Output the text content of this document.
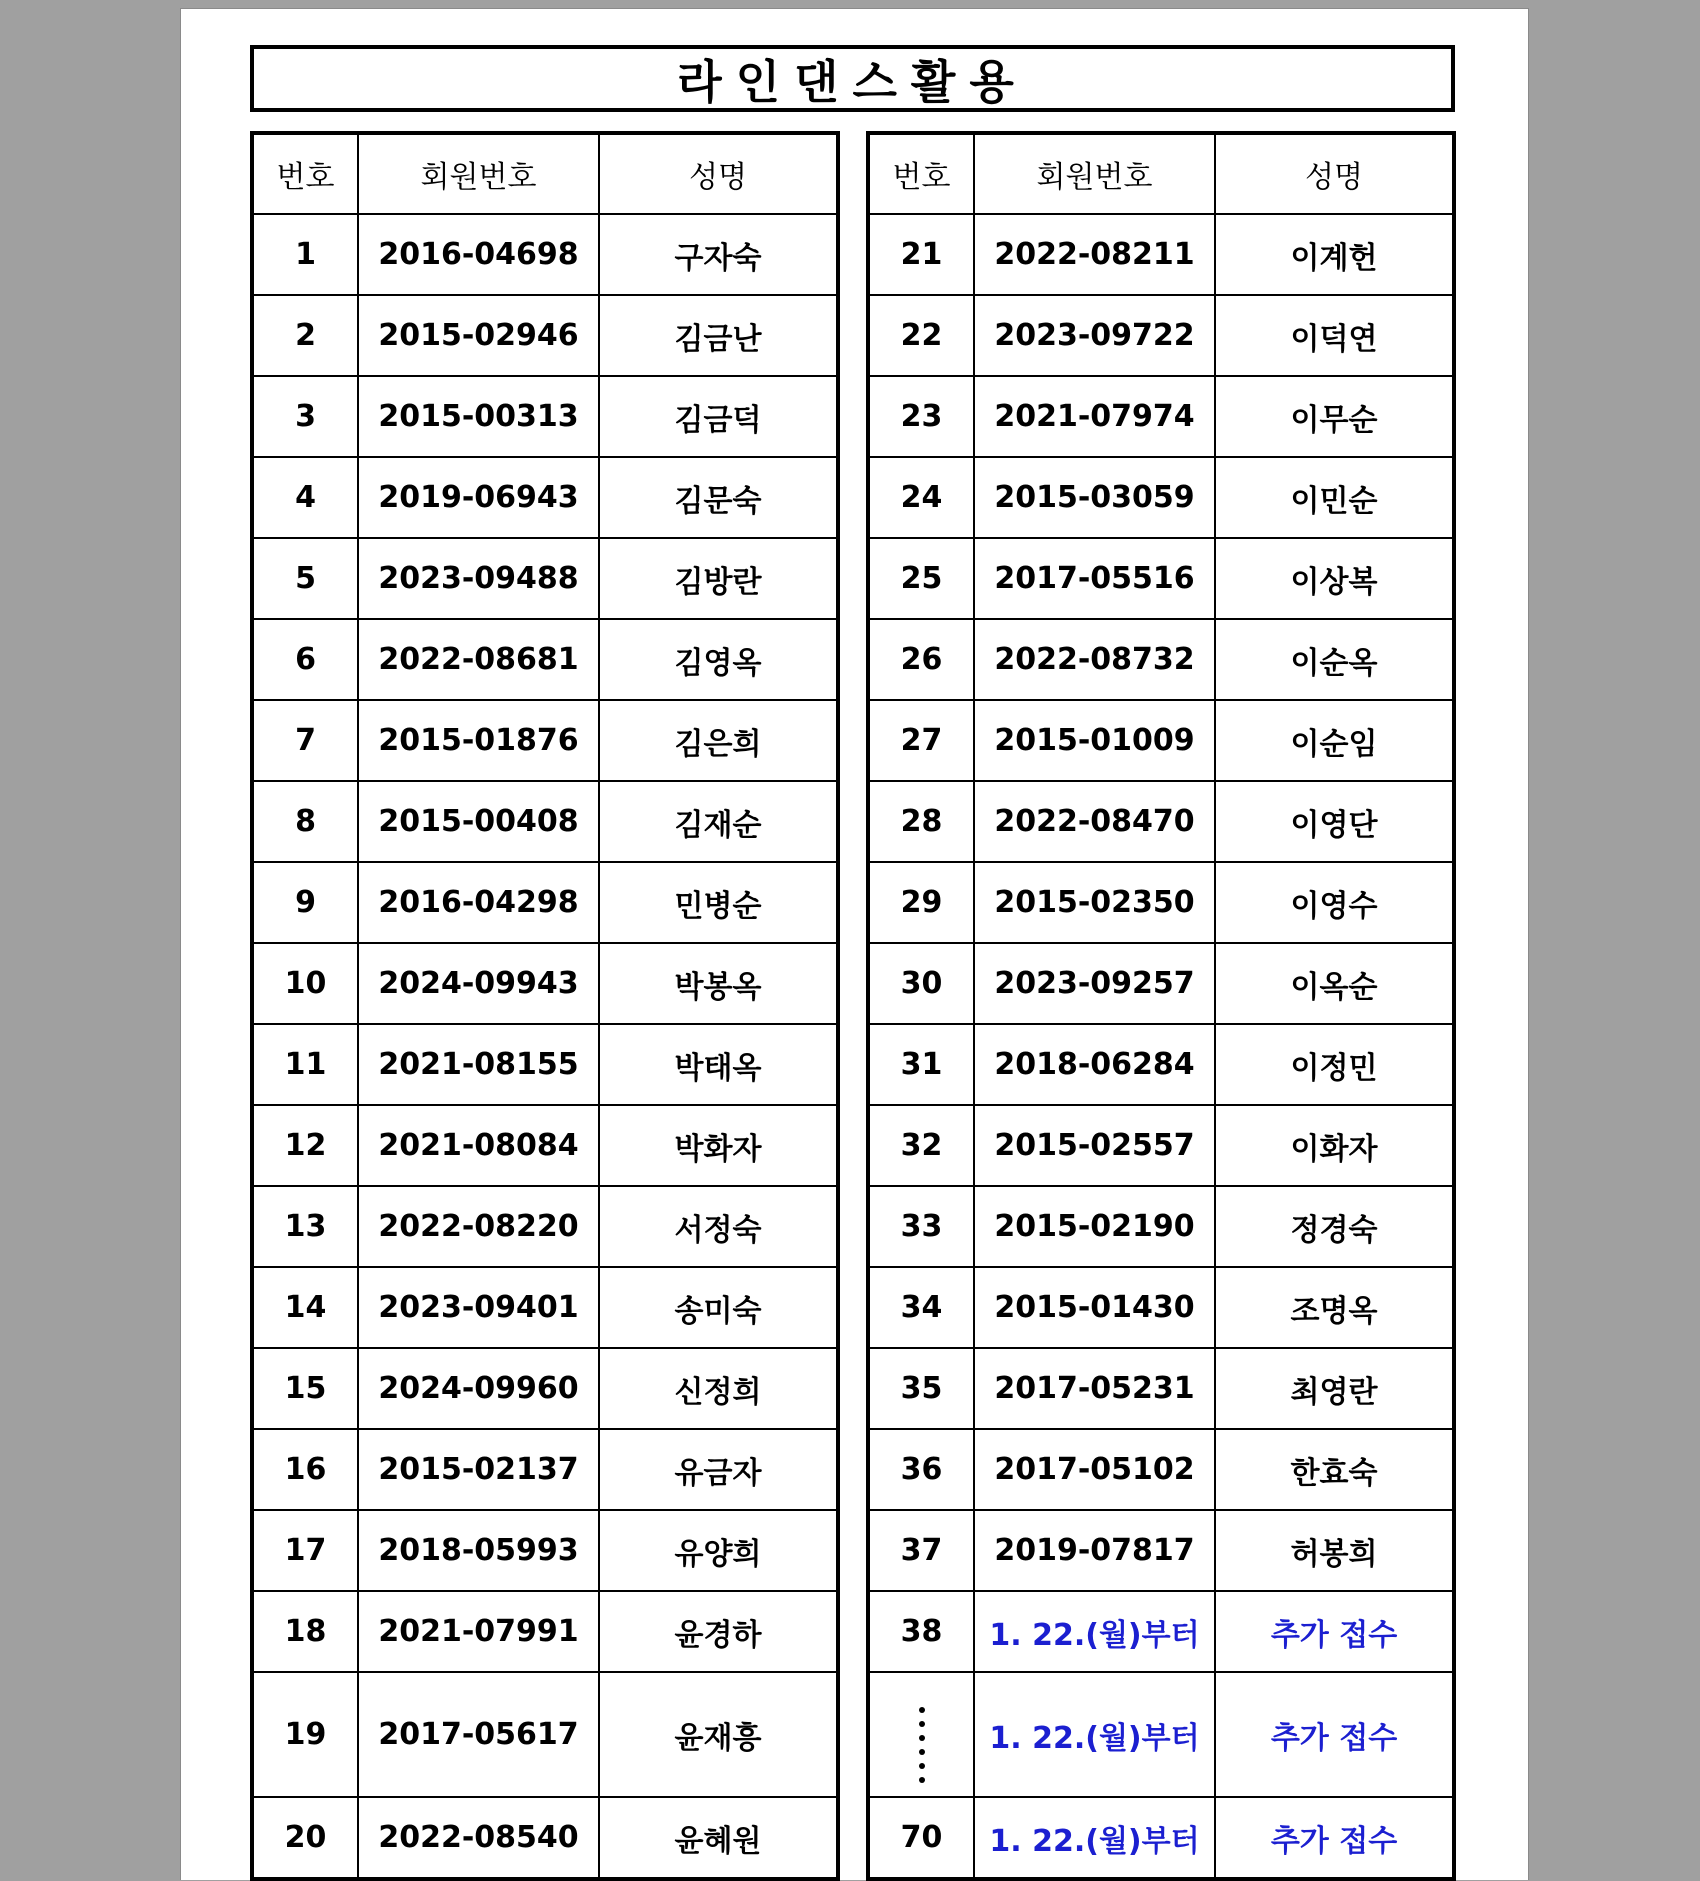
라인댄스활용
번호	회원번호	성명
1	2016-04698	구자숙
2	2015-02946	김금난
3	2015-00313	김금덕
4	2019-06943	김문숙
5	2023-09488	김방란
6	2022-08681	김영옥
7	2015-01876	김은희
8	2015-00408	김재순
9	2016-04298	민병순
10	2024-09943	박봉옥
11	2021-08155	박태옥
12	2021-08084	박화자
13	2022-08220	서정숙
14	2023-09401	송미숙
15	2024-09960	신정희
16	2015-02137	유금자
17	2018-05993	유양희
18	2021-07991	윤경하
19	2017-05617	윤재흥
20	2022-08540	윤혜원
번호	회원번호	성명
21	2022-08211	이계헌
22	2023-09722	이덕연
23	2021-07974	이무순
24	2015-03059	이민순
25	2017-05516	이상복
26	2022-08732	이순옥
27	2015-01009	이순임
28	2022-08470	이영단
29	2015-02350	이영수
30	2023-09257	이옥순
31	2018-06284	이정민
32	2015-02557	이화자
33	2015-02190	정경숙
34	2015-01430	조명옥
35	2017-05231	최영란
36	2017-05102	한효숙
37	2019-07817	허봉희
38	1. 22.(월)부터	추가 접수

	1. 22.(월)부터	추가 접수
70	1. 22.(월)부터	추가 접수
